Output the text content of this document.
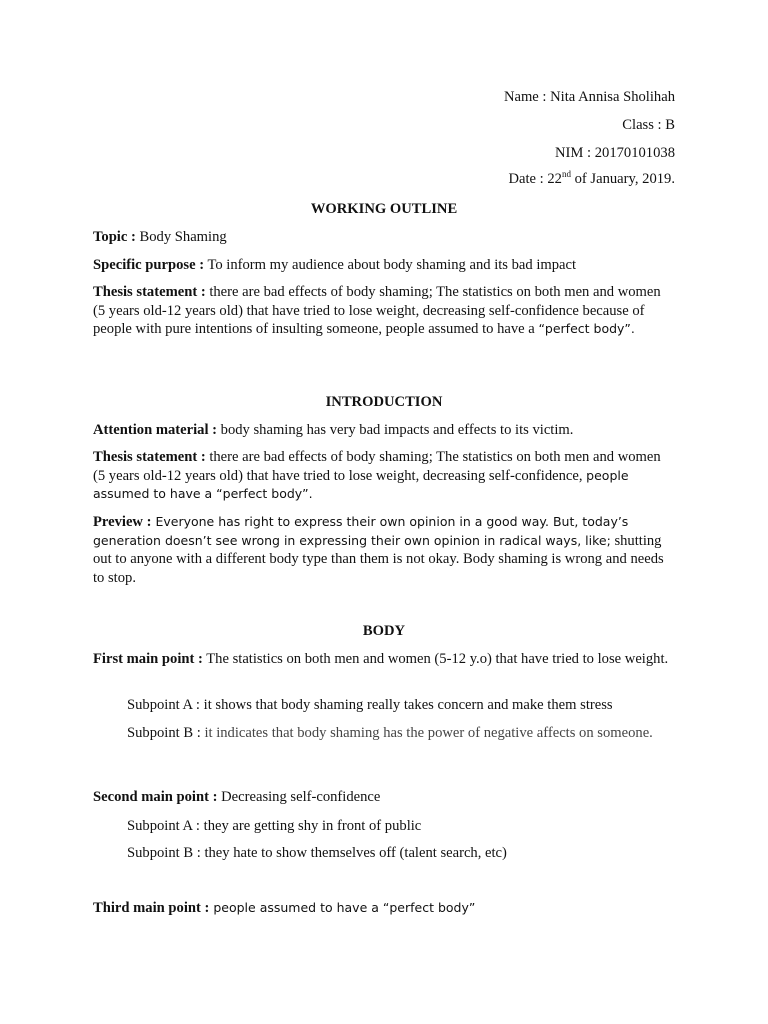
Name : Nita Annisa Sholihah
Class : B
NIM : 20170101038
Date : 22nd of January, 2019.
WORKING OUTLINE
Topic : Body Shaming
Specific purpose : To inform my audience about body shaming and its bad impact
Thesis statement : there are bad effects of body shaming; The statistics on both men and women (5 years old-12 years old) that have tried to lose weight, decreasing self-confidence because of people with pure intentions of insulting someone, people assumed to have a “perfect body”.
INTRODUCTION
Attention material : body shaming has very bad impacts and effects to its victim.
Thesis statement : there are bad effects of body shaming; The statistics on both men and women (5 years old-12 years old) that have tried to lose weight, decreasing self-confidence, people assumed to have a “perfect body”.
Preview : Everyone has right to express their own opinion in a good way. But, today’s generation doesn’t see wrong in expressing their own opinion in radical ways, like; shutting out to anyone with a different body type than them is not okay. Body shaming is wrong and needs to stop.
BODY
First main point : The statistics on both men and women (5-12 y.o) that have tried to lose weight.
Subpoint A : it shows that body shaming really takes concern and make them stress
Subpoint B : it indicates that body shaming has the power of negative affects on someone.
Second main point : Decreasing self-confidence
Subpoint A : they are getting shy in front of public
Subpoint B : they hate to show themselves off (talent search, etc)
Third main point : people assumed to have a “perfect body”
